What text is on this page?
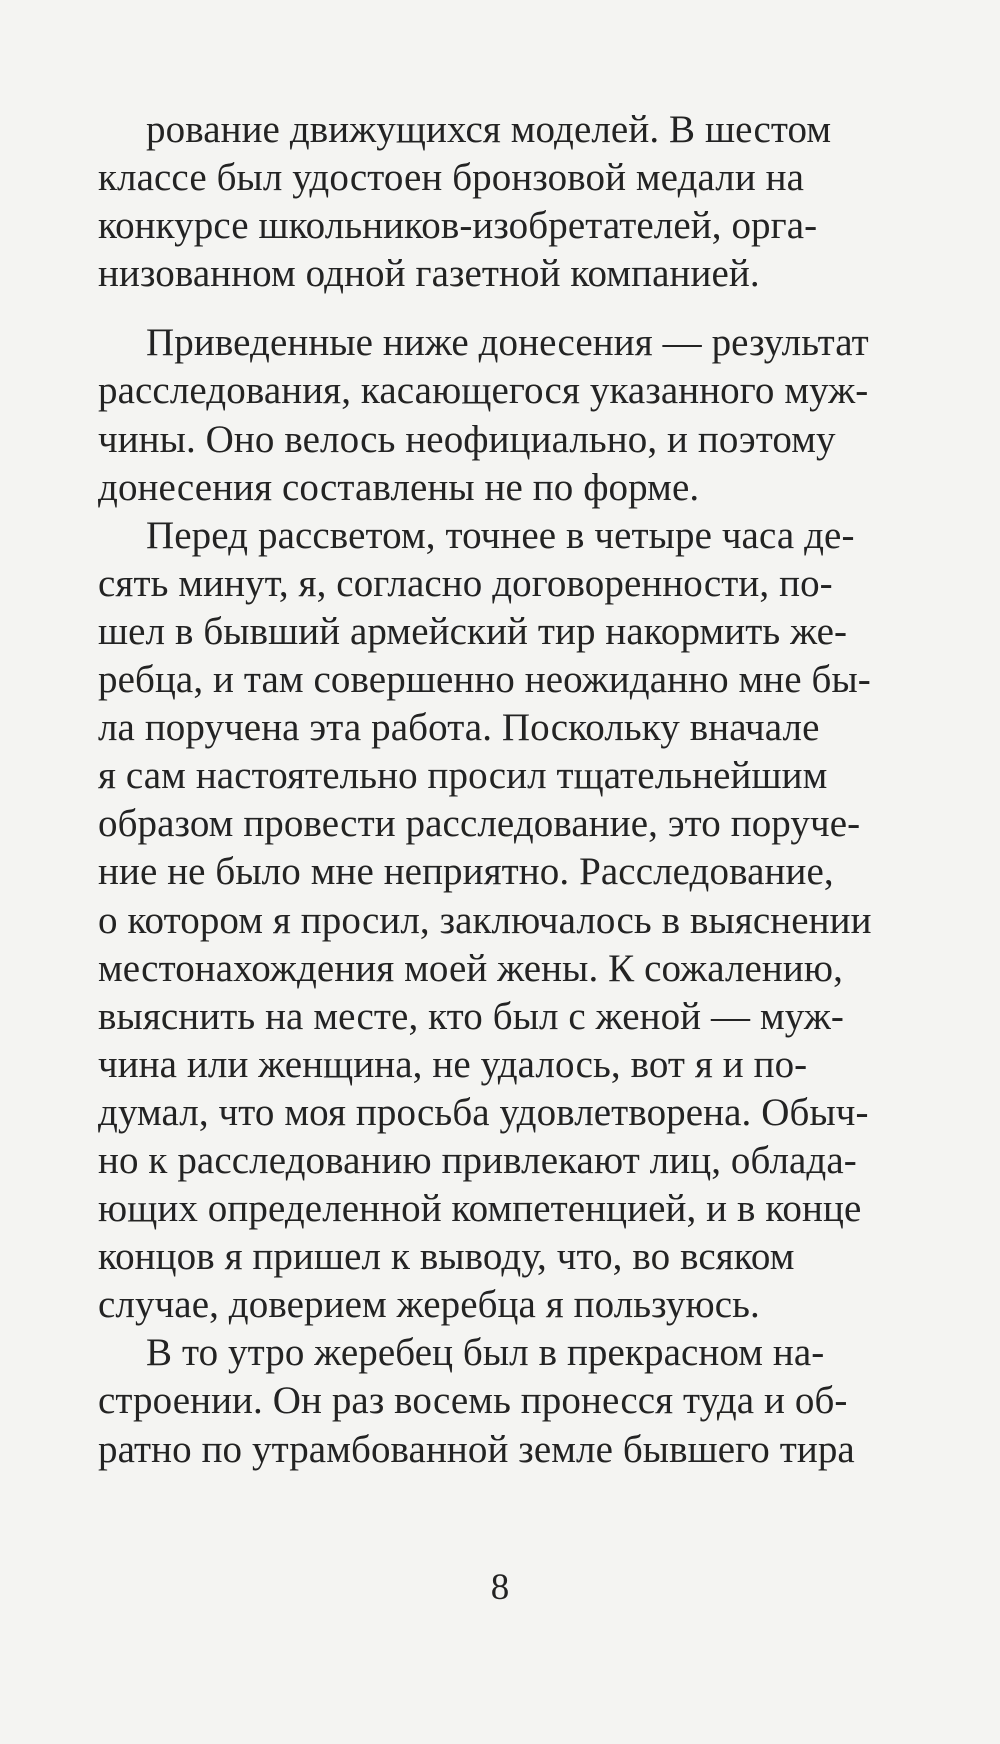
рование движущихся моделей. В шестом
классе был удостоен бронзовой медали на
конкурсе школьников-изобретателей, орга-
низованном одной газетной компанией.

Приведенные ниже донесения — результат
расследования, касающегося указанного муж-
чины. Оно велось неофициально, и поэтому
донесения составлены не по форме.

Перед рассветом, точнее в четыре часа де-
сять минут, я, согласно договоренности, по-
шел в бывший армейский тир накормить же-
ребца, и там совершенно неожиданно мне бы-
ла поручена эта работа. Поскольку вначале
я сам настоятельно просил тщательнейшим
образом провести расследование, это поруче-
ние не было мне неприятно. Расследование,
о котором я просил, заключалось в выяснении
местонахождения моей жены. К сожалению,
выяснить на месте, кто был с женой — муж-
чина или женщина, не удалось, вот я и по-
думал, что моя просьба удовлетворена. Обыч-
но к расследованию привлекают лиц, облада-
ющих определенной компетенцией, и в конце
концов я пришел к выводу, что, во всяком
случае, доверием жеребца я пользуюсь.

В то утро жеребец был в прекрасном на-
строении. Он раз восемь пронесся туда и об-
ратно по утрамбованной земле бывшего тира

8
